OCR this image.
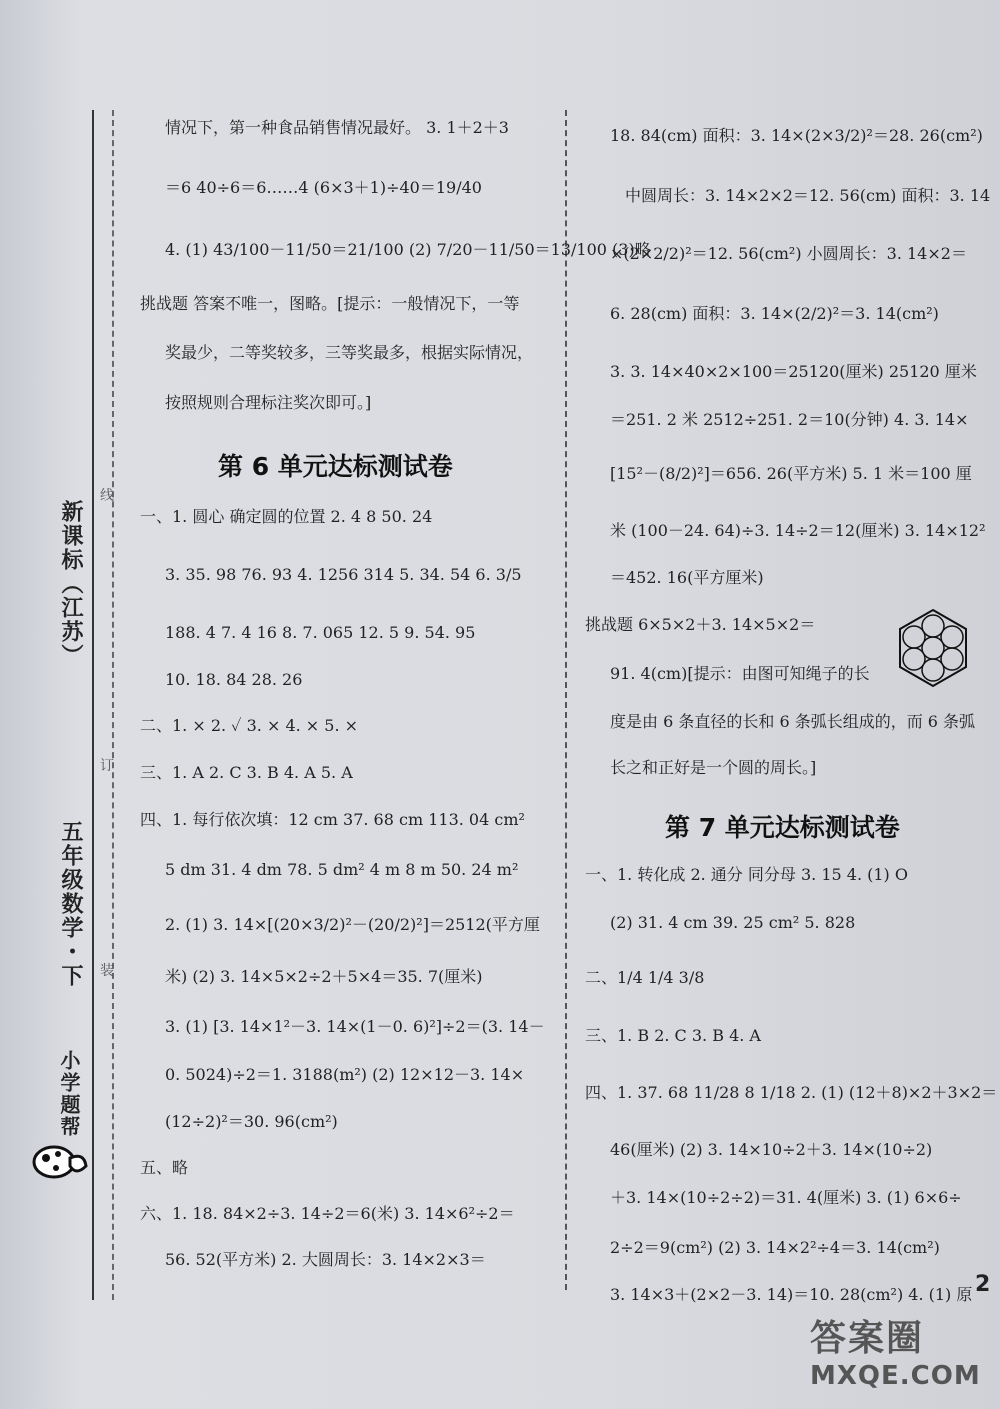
新课标（江苏）
五年级数学・下
小学题帮
线
订
装
情况下，第一种食品销售情况最好。 3. 1＋2＋3
＝6 40÷6＝6……4 (6×3＋1)÷40＝19/40
4. (1) 43/100－11/50＝21/100 (2) 7/20－11/50＝13/100 (3)略
挑战题 答案不唯一，图略。[提示：一般情况下，一等
奖最少，二等奖较多，三等奖最多，根据实际情况，
按照规则合理标注奖次即可。]
第 6 单元达标测试卷
一、1. 圆心 确定圆的位置 2. 4 8 50. 24
3. 35. 98 76. 93 4. 1256 314 5. 34. 54 6. 3/5
188. 4 7. 4 16 8. 7. 065 12. 5 9. 54. 95
10. 18. 84 28. 26
二、1. × 2. ✓ 3. × 4. × 5. ×
三、1. A 2. C 3. B 4. A 5. A
四、1. 每行依次填：12 cm 37. 68 cm 113. 04 cm²
5 dm 31. 4 dm 78. 5 dm² 4 m 8 m 50. 24 m²
2. (1) 3. 14×[(20×3/2)²－(20/2)²]＝2512(平方厘
米) (2) 3. 14×5×2÷2＋5×4＝35. 7(厘米)
3. (1) [3. 14×1²－3. 14×(1－0. 6)²]÷2＝(3. 14－
0. 5024)÷2＝1. 3188(m²) (2) 12×12－3. 14×
(12÷2)²＝30. 96(cm²)
五、略
六、1. 18. 84×2÷3. 14÷2＝6(米) 3. 14×6²÷2＝
56. 52(平方米) 2. 大圆周长：3. 14×2×3＝
18. 84(cm) 面积：3. 14×(2×3/2)²＝28. 26(cm²)
中圆周长：3. 14×2×2＝12. 56(cm) 面积：3. 14
×(2×2/2)²＝12. 56(cm²) 小圆周长：3. 14×2＝
6. 28(cm) 面积：3. 14×(2/2)²＝3. 14(cm²)
3. 3. 14×40×2×100＝25120(厘米) 25120 厘米
＝251. 2 米 2512÷251. 2＝10(分钟) 4. 3. 14×
[15²－(8/2)²]＝656. 26(平方米) 5. 1 米＝100 厘
米 (100－24. 64)÷3. 14÷2＝12(厘米) 3. 14×12²
＝452. 16(平方厘米)
挑战题 6×5×2＋3. 14×5×2＝
91. 4(cm)[提示：由图可知绳子的长
度是由 6 条直径的长和 6 条弧长组成的，而 6 条弧
长之和正好是一个圆的周长。]
第 7 单元达标测试卷
一、1. 转化成 2. 通分 同分母 3. 15 4. (1) O
(2) 31. 4 cm 39. 25 cm² 5. 828
二、1/4 1/4 3/8
三、1. B 2. C 3. B 4. A
四、1. 37. 68 11/28 8 1/18 2. (1) (12＋8)×2＋3×2＝
46(厘米) (2) 3. 14×10÷2＋3. 14×(10÷2)
＋3. 14×(10÷2÷2)＝31. 4(厘米) 3. (1) 6×6÷
2÷2＝9(cm²) (2) 3. 14×2²÷4＝3. 14(cm²)
3. 14×3＋(2×2－3. 14)＝10. 28(cm²) 4. (1) 原 2
答案圈
MXQE.COM
